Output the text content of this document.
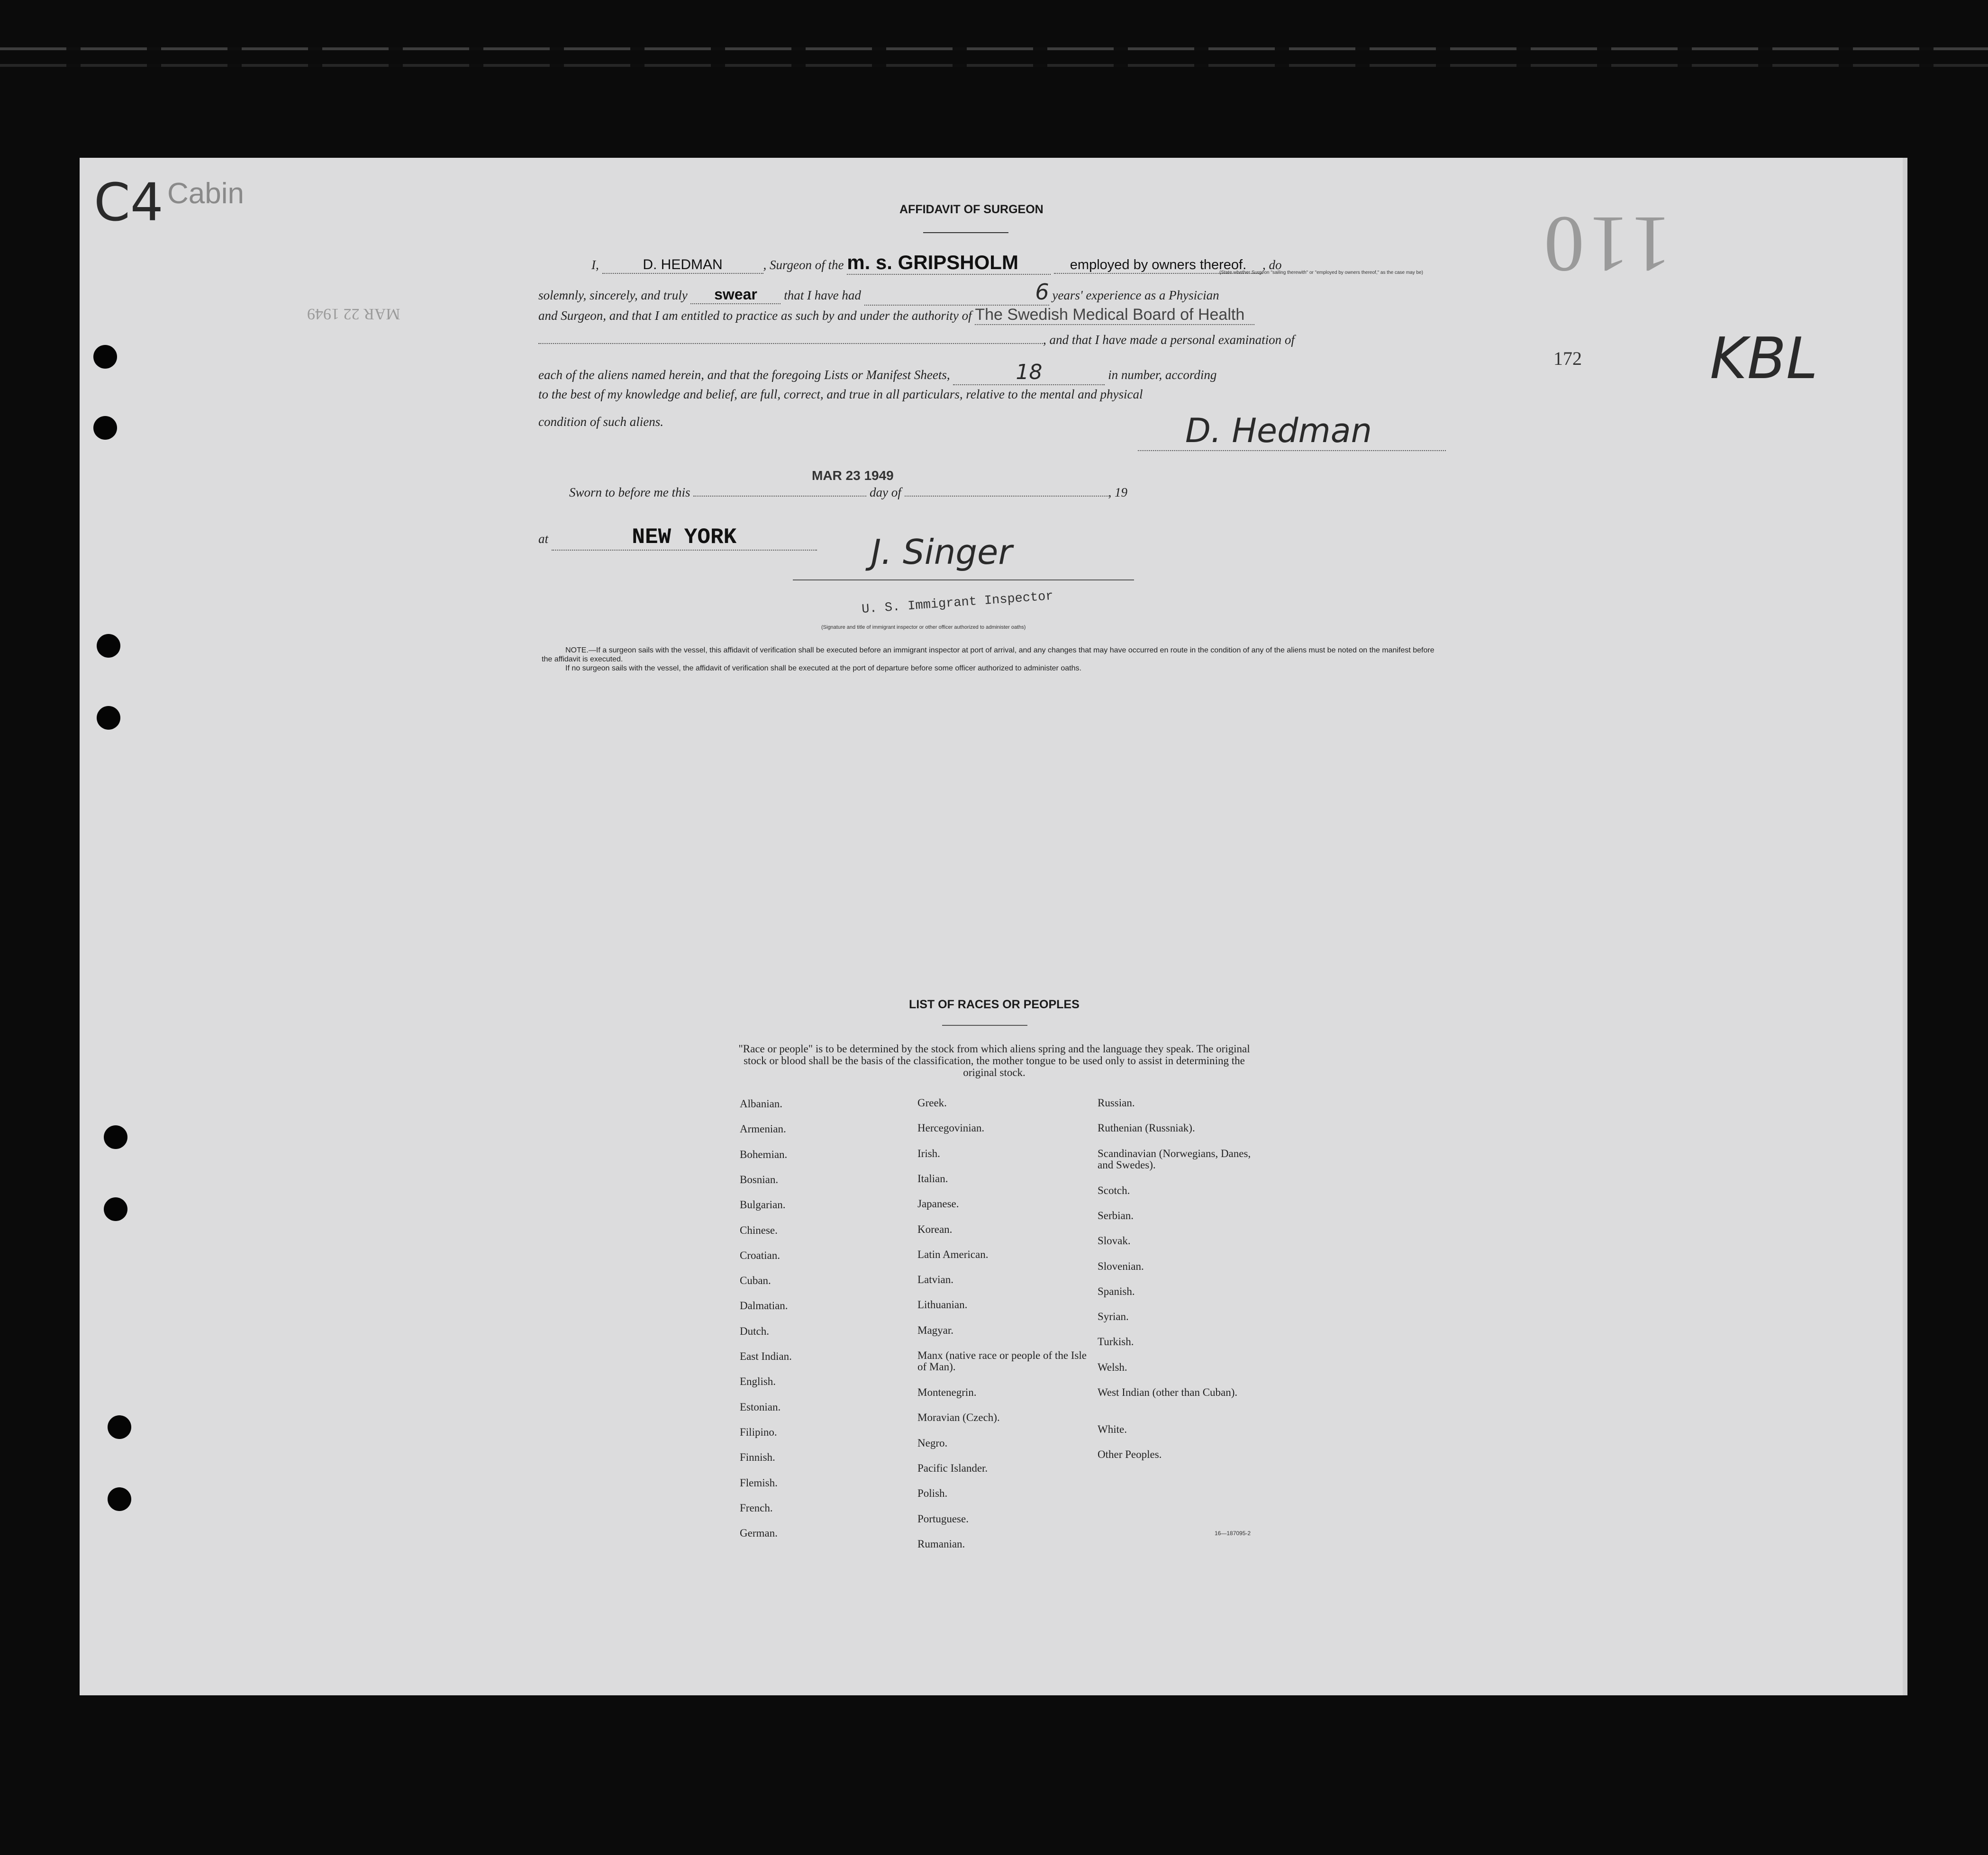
C4 Cabin
MAR 22 1949
110
172 KBL
AFFIDAVIT OF SURGEON
I,	D. HEDMAN	, Surgeon of the m. s. GRIPSHOLM	employed by owners thereof. , do
(State whether Surgeon "sailing therewith" or "employed by owners thereof," as the case may be)
solemnly, sincerely, and truly swear that I have had	6 years' experience as a Physician
and Surgeon, and that I am entitled to practice as such by and under the authority of The Swedish Medical Board of Health
, and that I have made a personal examination of
each of the aliens named herein, and that the foregoing Lists or Manifest Sheets,	18	in number, according
to the best of my knowledge and belief, are full, correct, and true in all particulars, relative to the mental and physical
condition of such aliens.	D. Hedman
MAR 23 1949
Sworn to before me this	day of	, 19
at	NEW YORK	J. Singer
U. S. Immigrant Inspector
(Signature and title of immigrant inspector or other officer authorized to administer oaths)
NOTE.—If a surgeon sails with the vessel, this affidavit of verification shall be executed before an immigrant inspector at port of arrival, and any changes that may have occurred en route in the condition of any of the aliens must be noted on the manifest before the affidavit is executed.
If no surgeon sails with the vessel, the affidavit of verification shall be executed at the port of departure before some officer authorized to administer oaths.
LIST OF RACES OR PEOPLES
"Race or people" is to be determined by the stock from which aliens spring and the language they speak. The original stock or blood shall be the basis of the classification, the mother tongue to be used only to assist in determining the original stock.
Albanian.
Armenian.
Bohemian.
Bosnian.
Bulgarian.
Chinese.
Croatian.
Cuban.
Dalmatian.
Dutch.
East Indian.
English.
Estonian.
Filipino.
Finnish.
Flemish.
French.
German.
Greek.
Hercegovinian.
Irish.
Italian.
Japanese.
Korean.
Latin American.
Latvian.
Lithuanian.
Magyar.
Manx (native race or people of the Isle of Man).
Montenegrin.
Moravian (Czech).
Negro.
Pacific Islander.
Polish.
Portuguese.
Rumanian.
Russian.
Ruthenian (Russniak).
Scandinavian (Norwegians, Danes, and Swedes).
Scotch.
Serbian.
Slovak.
Slovenian.
Spanish.
Syrian.
Turkish.
Welsh.
West Indian (other than Cuban).
White.
Other Peoples.
16—187095-2
